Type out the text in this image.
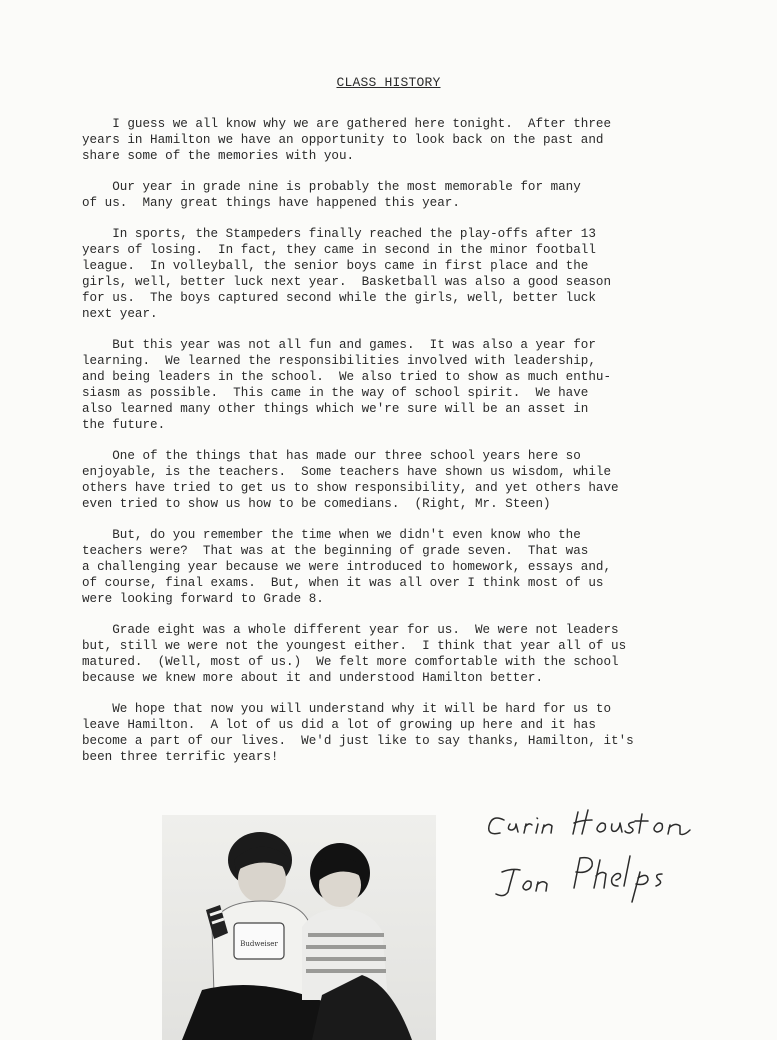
CLASS HISTORY
I guess we all know why we are gathered here tonight.  After three
years in Hamilton we have an opportunity to look back on the past and
share some of the memories with you.
Our year in grade nine is probably the most memorable for many
of us.  Many great things have happened this year.
In sports, the Stampeders finally reached the play-offs after 13
years of losing.  In fact, they came in second in the minor football
league.  In volleyball, the senior boys came in first place and the
girls, well, better luck next year.  Basketball was also a good season
for us.  The boys captured second while the girls, well, better luck
next year.
But this year was not all fun and games.  It was also a year for
learning.  We learned the responsibilities involved with leadership,
and being leaders in the school.  We also tried to show as much enthu-
siasm as possible.  This came in the way of school spirit.  We have
also learned many other things which we're sure will be an asset in
the future.
One of the things that has made our three school years here so
enjoyable, is the teachers.  Some teachers have shown us wisdom, while
others have tried to get us to show responsibility, and yet others have
even tried to show us how to be comedians.  (Right, Mr. Steen)
But, do you remember the time when we didn't even know who the
teachers were?  That was at the beginning of grade seven.  That was
a challenging year because we were introduced to homework, essays and,
of course, final exams.  But, when it was all over I think most of us
were looking forward to Grade 8.
Grade eight was a whole different year for us.  We were not leaders
but, still we were not the youngest either.  I think that year all of us
matured.  (Well, most of us.)  We felt more comfortable with the school
because we knew more about it and understood Hamilton better.
We hope that now you will understand why it will be hard for us to
leave Hamilton.  A lot of us did a lot of growing up here and it has
become a part of our lives.  We'd just like to say thanks, Hamilton, it's
been three terrific years!
Budweiser
